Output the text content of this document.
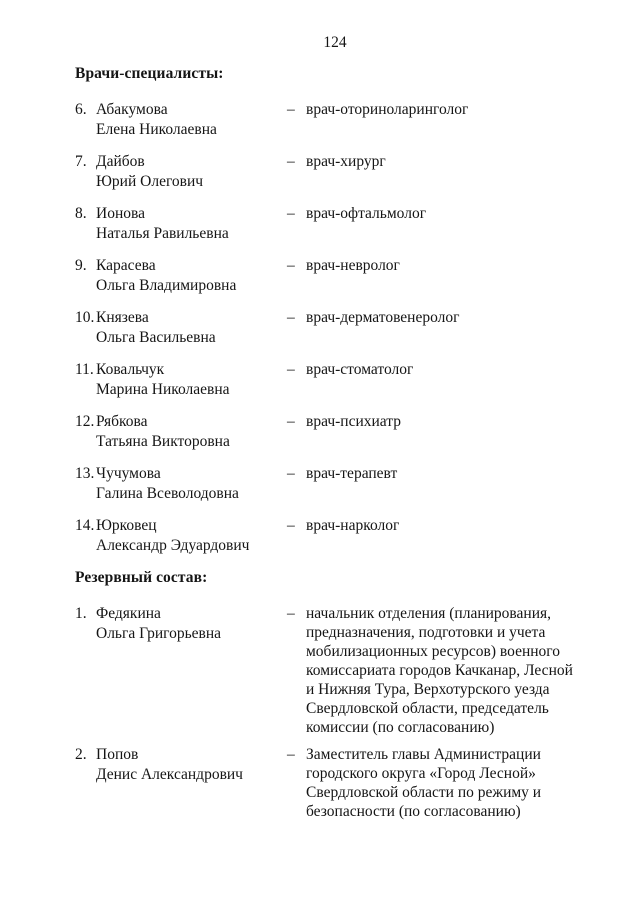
124
Врачи-специалисты:
6. Абакумова
Елена Николаевна
– врач-оториноларинголог
7. Дайбов
Юрий Олегович
– врач-хирург
8. Ионова
Наталья Равильевна
– врач-офтальмолог
9. Карасева
Ольга Владимировна
– врач-невролог
10. Князева
Ольга Васильевна
– врач-дерматовенеролог
11. Ковальчук
Марина Николаевна
– врач-стоматолог
12. Рябкова
Татьяна Викторовна
– врач-психиатр
13. Чучумова
Галина Всеволодовна
– врач-терапевт
14. Юрковец
Александр Эдуардович
– врач-нарколог
Резервный состав:
1. Федякина
Ольга Григорьевна
– начальник отделения (планирования, предназначения, подготовки и учета мобилизационных ресурсов) военного комиссариата городов Качканар, Лесной и Нижняя Тура, Верхотурского уезда Свердловской области, председатель комиссии (по согласованию)
2. Попов
Денис Александрович
– Заместитель главы Администрации городского округа «Город Лесной» Свердловской области по режиму и безопасности (по согласованию)
